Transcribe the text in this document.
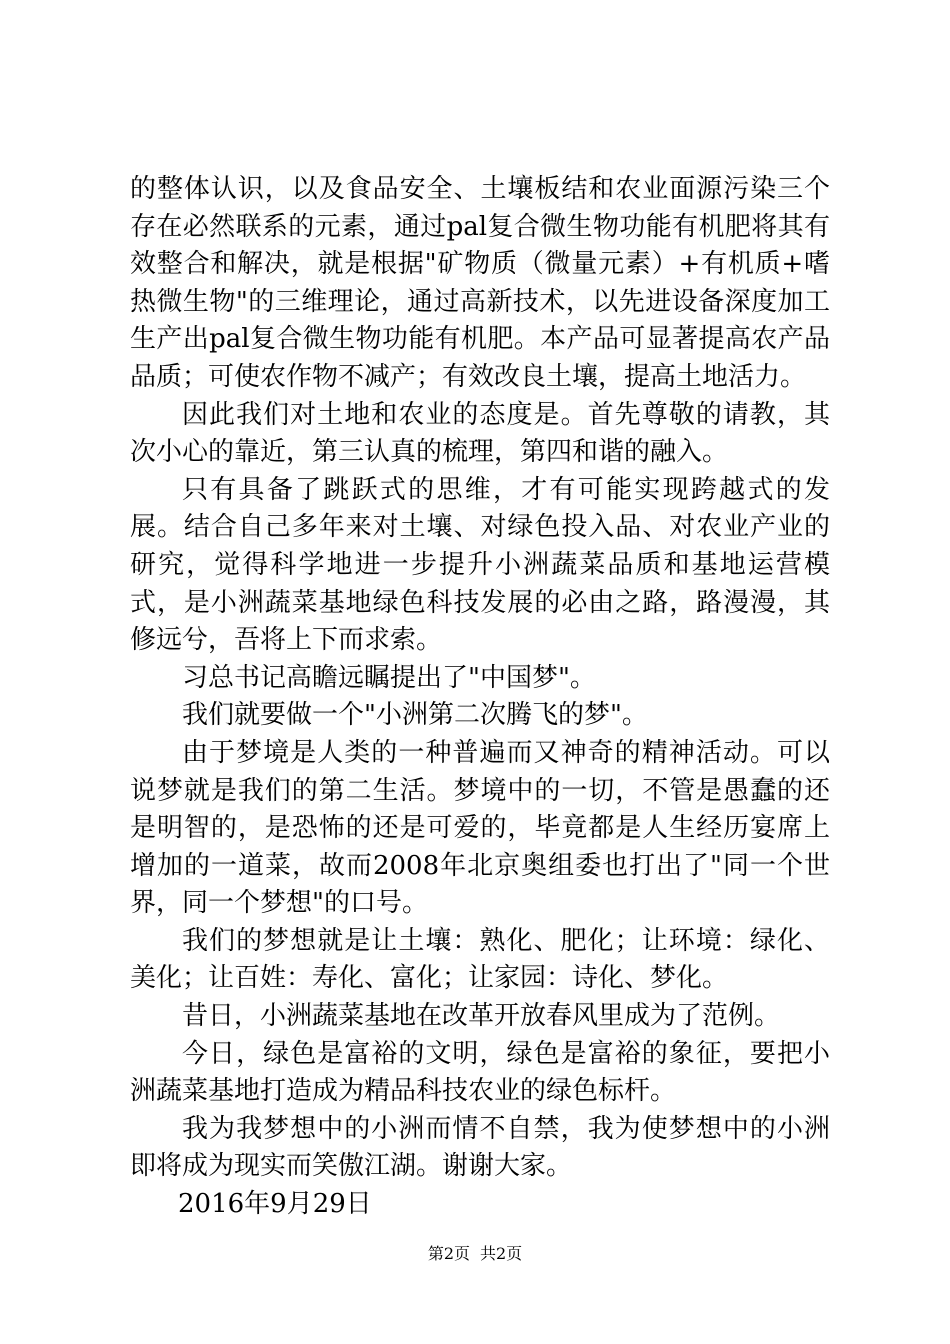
的整体认识，以及食品安全、土壤板结和农业面源污染三个存在必然联系的元素，通过pal复合微生物功能有机肥将其有效整合和解决，就是根据"矿物质（微量元素）+有机质+嗜热微生物"的三维理论，通过高新技术，以先进设备深度加工生产出pal复合微生物功能有机肥。本产品可显著提高农产品品质；可使农作物不减产；有效改良土壤，提高土地活力。

因此我们对土地和农业的态度是。首先尊敬的请教，其次小心的靠近，第三认真的梳理，第四和谐的融入。

只有具备了跳跃式的思维，才有可能实现跨越式的发展。结合自己多年来对土壤、对绿色投入品、对农业产业的研究，觉得科学地进一步提升小洲蔬菜品质和基地运营模式，是小洲蔬菜基地绿色科技发展的必由之路，路漫漫，其修远兮，吾将上下而求索。

习总书记高瞻远瞩提出了"中国梦"。

我们就要做一个"小洲第二次腾飞的梦"。

由于梦境是人类的一种普遍而又神奇的精神活动。可以说梦就是我们的第二生活。梦境中的一切，不管是愚蠢的还是明智的，是恐怖的还是可爱的，毕竟都是人生经历宴席上增加的一道菜，故而2008年北京奥组委也打出了"同一个世界，同一个梦想"的口号。

我们的梦想就是让土壤：熟化、肥化；让环境：绿化、美化；让百姓：寿化、富化；让家园：诗化、梦化。

昔日，小洲蔬菜基地在改革开放春风里成为了范例。

今日，绿色是富裕的文明，绿色是富裕的象征，要把小洲蔬菜基地打造成为精品科技农业的绿色标杆。

我为我梦想中的小洲而情不自禁，我为使梦想中的小洲即将成为现实而笑傲江湖。谢谢大家。

2016年9月29日

第2页 共2页
